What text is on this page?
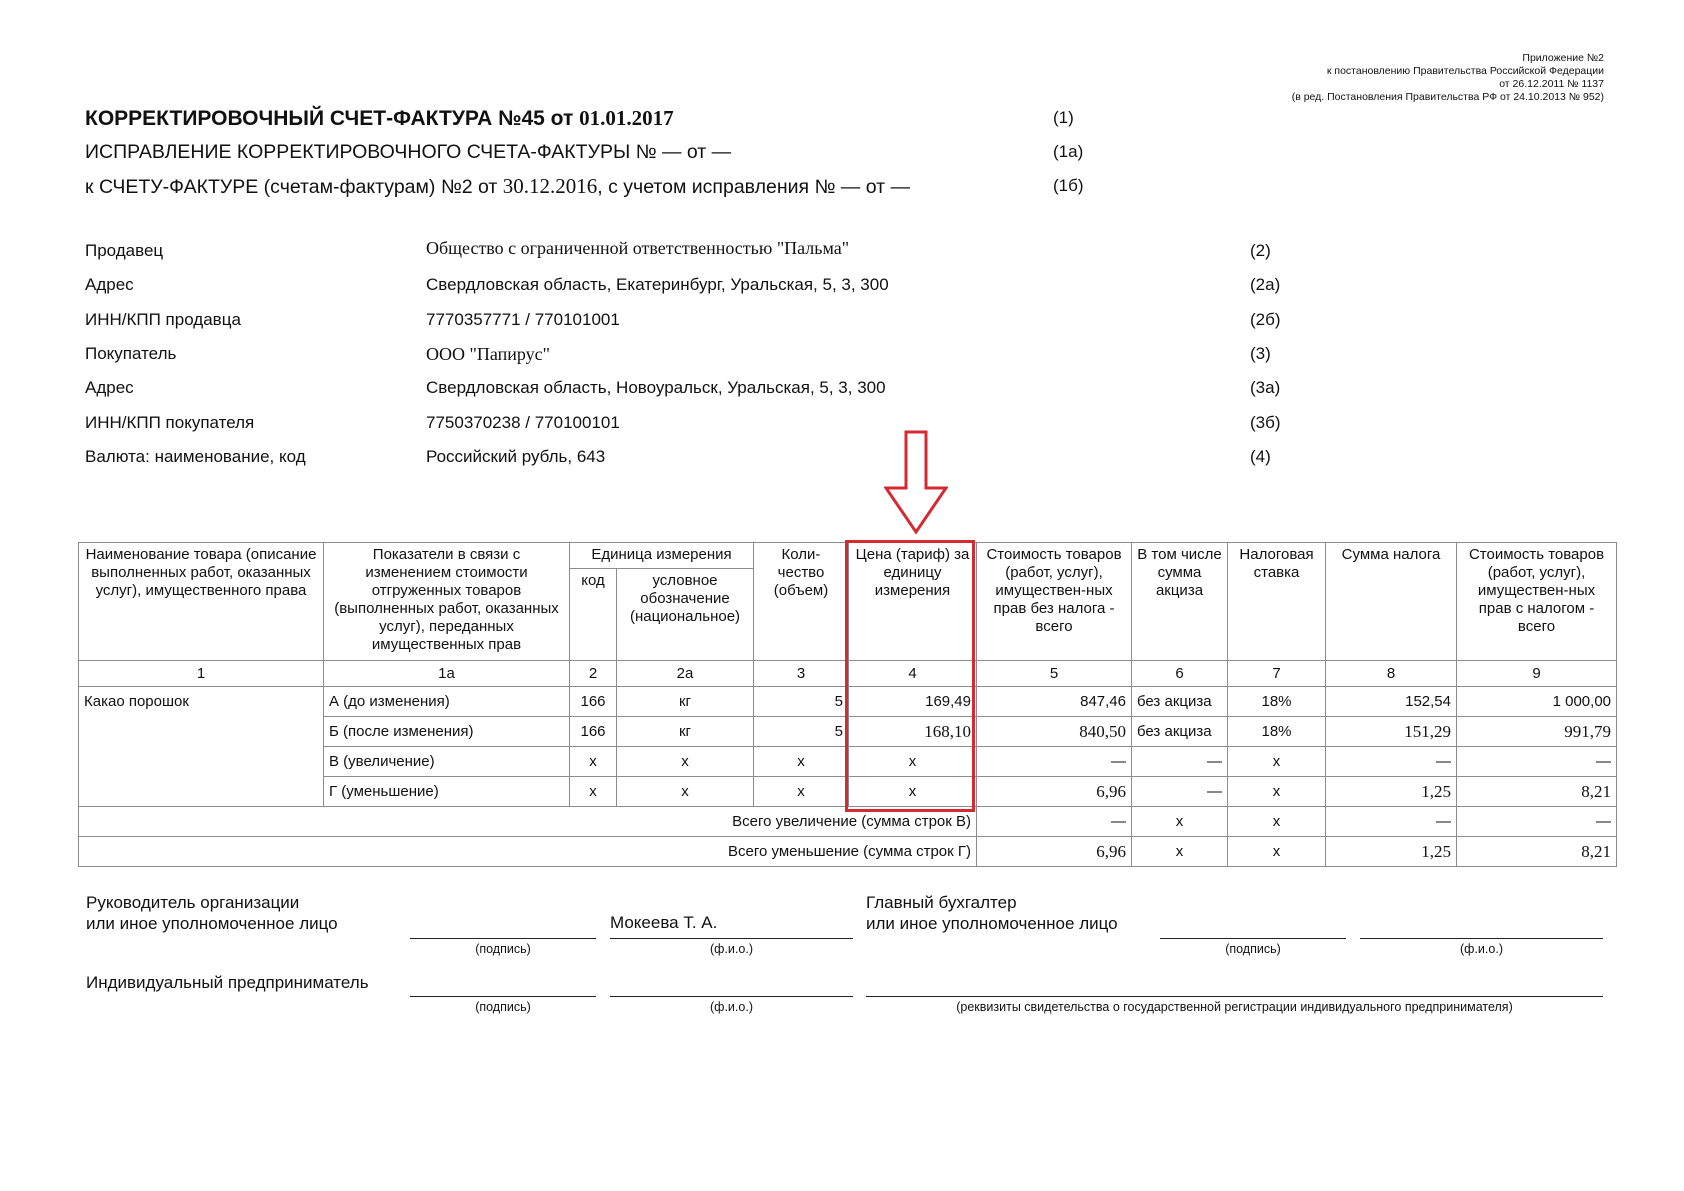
Приложение №2
к постановлению Правительства Российской Федерации
от 26.12.2011 № 1137
(в ред. Постановления Правительства РФ от 24.10.2013 № 952)
КОРРЕКТИРОВОЧНЫЙ СЧЕТ-ФАКТУРА №45 от 01.01.2017	(1)
ИСПРАВЛЕНИЕ КОРРЕКТИРОВОЧНОГО СЧЕТА-ФАКТУРЫ № — от —	(1а)
к СЧЕТУ-ФАКТУРЕ (счетам-фактурам) №2 от 30.12.2016, с учетом исправления № — от —	(1б)
Продавец	Общество с ограниченной ответственностью "Пальма"	(2)
Адрес	Свердловская область, Екатеринбург, Уральская, 5, 3, 300	(2а)
ИНН/КПП продавца	7770357771 / 770101001	(2б)
Покупатель	ООО "Папирус"	(3)
Адрес	Свердловская область, Новоуральск, Уральская, 5, 3, 300	(3а)
ИНН/КПП покупателя	7750370238 / 770100101	(3б)
Валюта: наименование, код	Российский рубль, 643	(4)
Наименование товара (описание выполненных работ, оказанных услуг), имущественного права	Показатели в связи с изменением стоимости отгруженных товаров (выполненных работ, оказанных услуг), переданных имущественных прав	Единица измерения		Коли-чество (объем)	Цена (тариф) за единицу измерения	Стоимость товаров (работ, услуг), имуществен-ных прав без налога - всего	В том числе сумма акциза	Налоговая ставка	Сумма налога	Стоимость товаров (работ, услуг), имуществен-ных прав с налогом - всего
		код	условное обозначение (национальное)							
1	1а	2	2а	3	4	5	6	7	8	9
Какао порошок	А (до изменения)	166	кг	5	169,49	847,46	без акциза	18%	152,54	1 000,00
	Б (после изменения)	166	кг	5	168,10	840,50	без акциза	18%	151,29	991,79
	В (увеличение)	х	х	х	х	—	—	х	—	—
	Г (уменьшение)	х	х	х	х	6,96	—	х	1,25	8,21
Всего увеличение (сумма строк В)						—	х	х	—	—
Всего уменьшение (сумма строк Г)						6,96	х	х	1,25	8,21
Руководитель организации
или иное уполномоченное лицо	Мокеева Т. А.
(подпись)	(ф.и.о.)
Главный бухгалтер
или иное уполномоченное лицо
(подпись)	(ф.и.о.)
Индивидуальный предприниматель
(подпись)	(ф.и.о.)	(реквизиты свидетельства о государственной регистрации индивидуального предпринимателя)
